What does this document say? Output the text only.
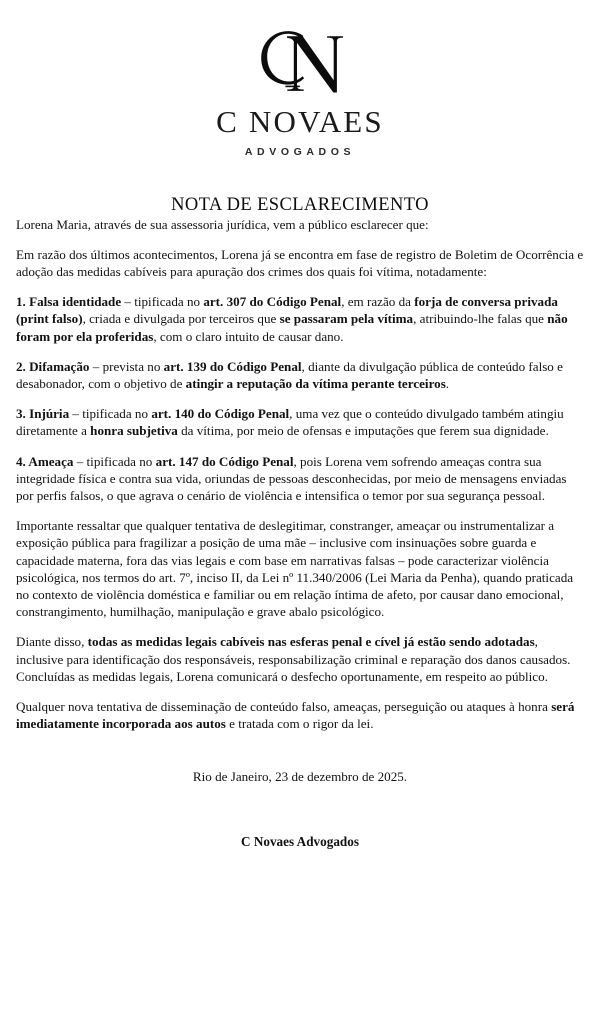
C NOVAES
ADVOGADOS
NOTA DE ESCLARECIMENTO

Lorena Maria, através de sua assessoria jurídica, vem a público esclarecer que:

Em razão dos últimos acontecimentos, Lorena já se encontra em fase de registro de Boletim de Ocorrência e adoção das medidas cabíveis para apuração dos crimes dos quais foi vítima, notadamente:

1. Falsa identidade – tipificada no art. 307 do Código Penal, em razão da forja de conversa privada (print falso), criada e divulgada por terceiros que se passaram pela vítima, atribuindo-lhe falas que não foram por ela proferidas, com o claro intuito de causar dano.

2. Difamação – prevista no art. 139 do Código Penal, diante da divulgação pública de conteúdo falso e desabonador, com o objetivo de atingir a reputação da vítima perante terceiros.

3. Injúria – tipificada no art. 140 do Código Penal, uma vez que o conteúdo divulgado também atingiu diretamente a honra subjetiva da vítima, por meio de ofensas e imputações que ferem sua dignidade.

4. Ameaça – tipificada no art. 147 do Código Penal, pois Lorena vem sofrendo ameaças contra sua integridade física e contra sua vida, oriundas de pessoas desconhecidas, por meio de mensagens enviadas por perfis falsos, o que agrava o cenário de violência e intensifica o temor por sua segurança pessoal.

Importante ressaltar que qualquer tentativa de deslegitimar, constranger, ameaçar ou instrumentalizar a exposição pública para fragilizar a posição de uma mãe – inclusive com insinuações sobre guarda e capacidade materna, fora das vias legais e com base em narrativas falsas – pode caracterizar violência psicológica, nos termos do art. 7º, inciso II, da Lei nº 11.340/2006 (Lei Maria da Penha), quando praticada no contexto de violência doméstica e familiar ou em relação íntima de afeto, por causar dano emocional, constrangimento, humilhação, manipulação e grave abalo psicológico.

Diante disso, todas as medidas legais cabíveis nas esferas penal e cível já estão sendo adotadas, inclusive para identificação dos responsáveis, responsabilização criminal e reparação dos danos causados. Concluídas as medidas legais, Lorena comunicará o desfecho oportunamente, em respeito ao público.

Qualquer nova tentativa de disseminação de conteúdo falso, ameaças, perseguição ou ataques à honra será imediatamente incorporada aos autos e tratada com o rigor da lei.

Rio de Janeiro, 23 de dezembro de 2025.
C Novaes Advogados
